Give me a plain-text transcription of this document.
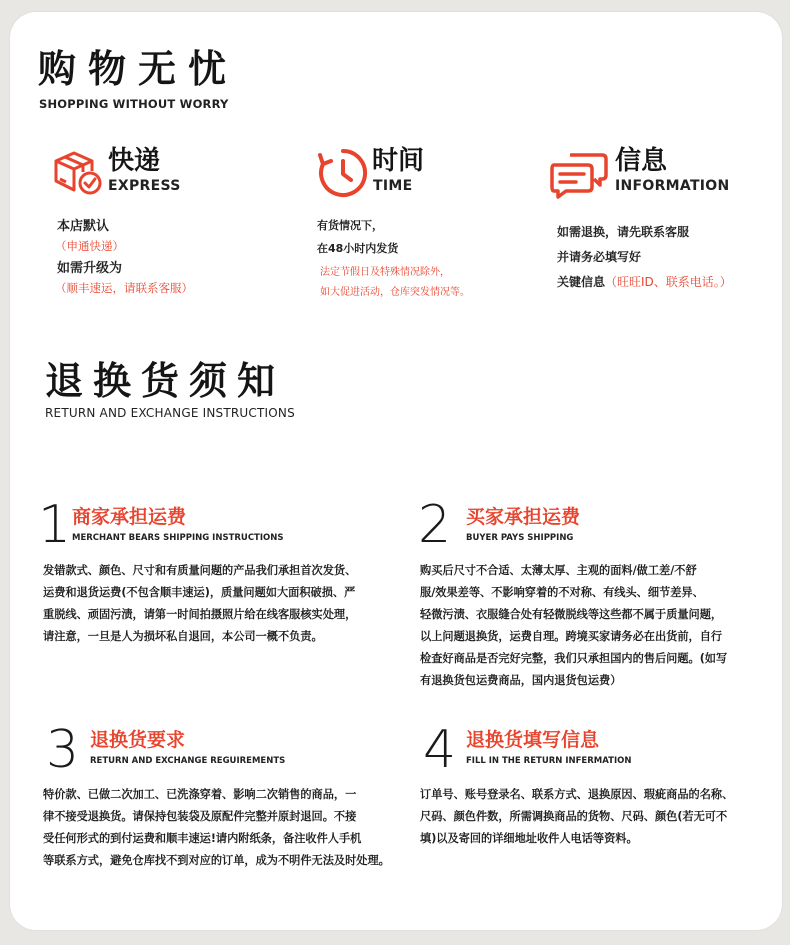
购物无忧
SHOPPING WITHOUT WORRY
快递
EXPRESS
本店默认
（申通快递）
如需升级为
（顺丰速运，请联系客服）
时间
TIME
有货情况下，
在48小时内发货
法定节假日及特殊情况除外，
如大促进活动，仓库突发情况等。
信息
INFORMATION
如需退换，请先联系客服
并请务必填写好
关键信息（旺旺ID、联系电话。）
退换货须知
RETURN AND EXCHANGE INSTRUCTIONS
1 商家承担运费
MERCHANT BEARS SHIPPING INSTRUCTIONS
发错款式、颜色、尺寸和有质量问题的产品我们承担首次发货、
运费和退货运费(不包含顺丰速运)，质量问题如大面积破损、严
重脱线、顽固污渍，请第一时间拍摄照片给在线客服核实处理，
请注意，一旦是人为损坏私自退回，本公司一概不负责。
2 买家承担运费
BUYER PAYS SHIPPING
购买后尺寸不合适、太薄太厚、主观的面料/做工差/不舒
服/效果差等、不影响穿着的不对称、有线头、细节差异、
轻微污渍、衣服缝合处有轻微脱线等这些都不属于质量问题，
以上问题退换货，运费自理。跨境买家请务必在出货前，自行
检查好商品是否完好完整，我们只承担国内的售后问题。(如写
有退换货包运费商品，国内退货包运费）
3 退换货要求
RETURN AND EXCHANGE REGUIREMENTS
特价款、已做二次加工、已洗涤穿着、影响二次销售的商品，一
律不接受退换货。请保持包装袋及原配件完整并原封退回。不接
受任何形式的到付运费和顺丰速运!请内附纸条，备注收件人手机
等联系方式，避免仓库找不到对应的订单，成为不明件无法及时处理。
4 退换货填写信息
FILL IN THE RETURN INFERMATION
订单号、账号登录名、联系方式、退换原因、瑕疵商品的名称、
尺码、颜色件数，所需调换商品的货物、尺码、颜色(若无可不
填)以及寄回的详细地址收件人电话等资料。
